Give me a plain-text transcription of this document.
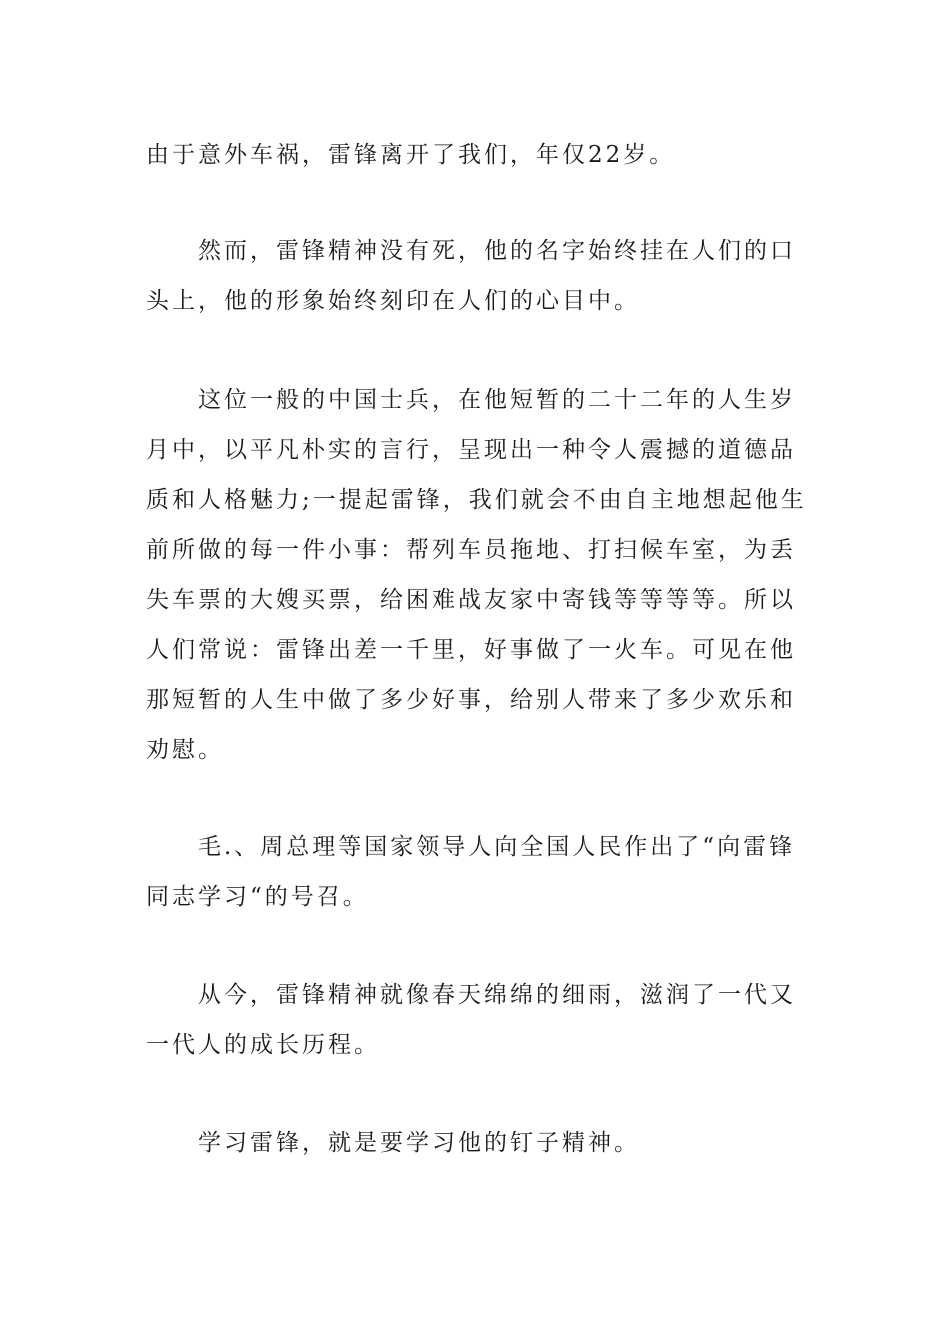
由于意外车祸，雷锋离开了我们，年仅22岁。
然而，雷锋精神没有死，他的名字始终挂在人们的口
头上，他的形象始终刻印在人们的心目中。
这位一般的中国士兵，在他短暂的二十二年的人生岁
月中，以平凡朴实的言行，呈现出一种令人震撼的道德品
质和人格魅力;一提起雷锋，我们就会不由自主地想起他生
前所做的每一件小事：帮列车员拖地、打扫候车室，为丢
失车票的大嫂买票，给困难战友家中寄钱等等等等。所以
人们常说：雷锋出差一千里，好事做了一火车。可见在他
那短暂的人生中做了多少好事，给别人带来了多少欢乐和
劝慰。
毛.、周总理等国家领导人向全国人民作出了“向雷锋
同志学习“的号召。
从今，雷锋精神就像春天绵绵的细雨，滋润了一代又
一代人的成长历程。
学习雷锋，就是要学习他的钉子精神。
